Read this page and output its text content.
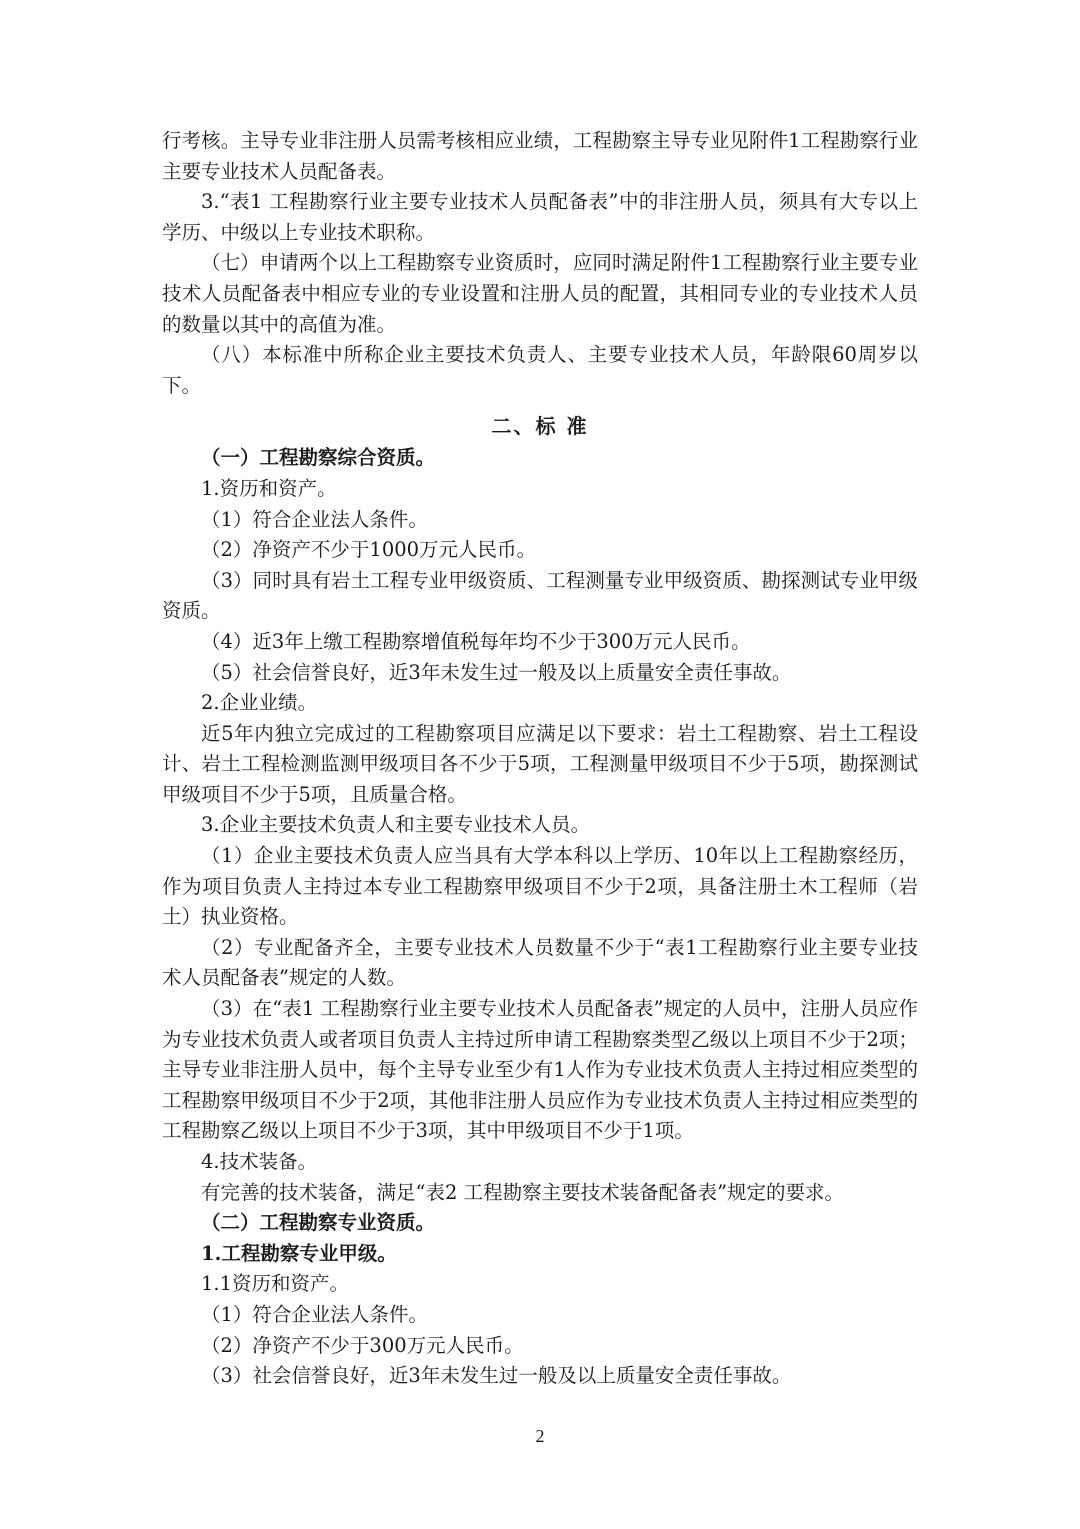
行考核。主导专业非注册人员需考核相应业绩，工程勘察主导专业见附件1工程勘察行业主要专业技术人员配备表。
3.“表1 工程勘察行业主要专业技术人员配备表”中的非注册人员，须具有大专以上学历、中级以上专业技术职称。
（七）申请两个以上工程勘察专业资质时，应同时满足附件1工程勘察行业主要专业技术人员配备表中相应专业的专业设置和注册人员的配置，其相同专业的专业技术人员的数量以其中的高值为准。
（八）本标准中所称企业主要技术负责人、主要专业技术人员，年龄限60周岁以下。
二、标 准
（一）工程勘察综合资质。
1.资历和资产。
（1）符合企业法人条件。
（2）净资产不少于1000万元人民币。
（3）同时具有岩土工程专业甲级资质、工程测量专业甲级资质、勘探测试专业甲级资质。
（4）近3年上缴工程勘察增值税每年均不少于300万元人民币。
（5）社会信誉良好，近3年未发生过一般及以上质量安全责任事故。
2.企业业绩。
近5年内独立完成过的工程勘察项目应满足以下要求：岩土工程勘察、岩土工程设计、岩土工程检测监测甲级项目各不少于5项，工程测量甲级项目不少于5项，勘探测试甲级项目不少于5项，且质量合格。
3.企业主要技术负责人和主要专业技术人员。
（1）企业主要技术负责人应当具有大学本科以上学历、10年以上工程勘察经历，作为项目负责人主持过本专业工程勘察甲级项目不少于2项，具备注册土木工程师（岩土）执业资格。
（2）专业配备齐全，主要专业技术人员数量不少于“表1工程勘察行业主要专业技术人员配备表”规定的人数。
（3）在“表1 工程勘察行业主要专业技术人员配备表”规定的人员中，注册人员应作为专业技术负责人或者项目负责人主持过所申请工程勘察类型乙级以上项目不少于2项；主导专业非注册人员中，每个主导专业至少有1人作为专业技术负责人主持过相应类型的工程勘察甲级项目不少于2项，其他非注册人员应作为专业技术负责人主持过相应类型的工程勘察乙级以上项目不少于3项，其中甲级项目不少于1项。
4.技术装备。
有完善的技术装备，满足“表2 工程勘察主要技术装备配备表”规定的要求。
（二）工程勘察专业资质。
1.工程勘察专业甲级。
1.1资历和资产。
（1）符合企业法人条件。
（2）净资产不少于300万元人民币。
（3）社会信誉良好，近3年未发生过一般及以上质量安全责任事故。
2
